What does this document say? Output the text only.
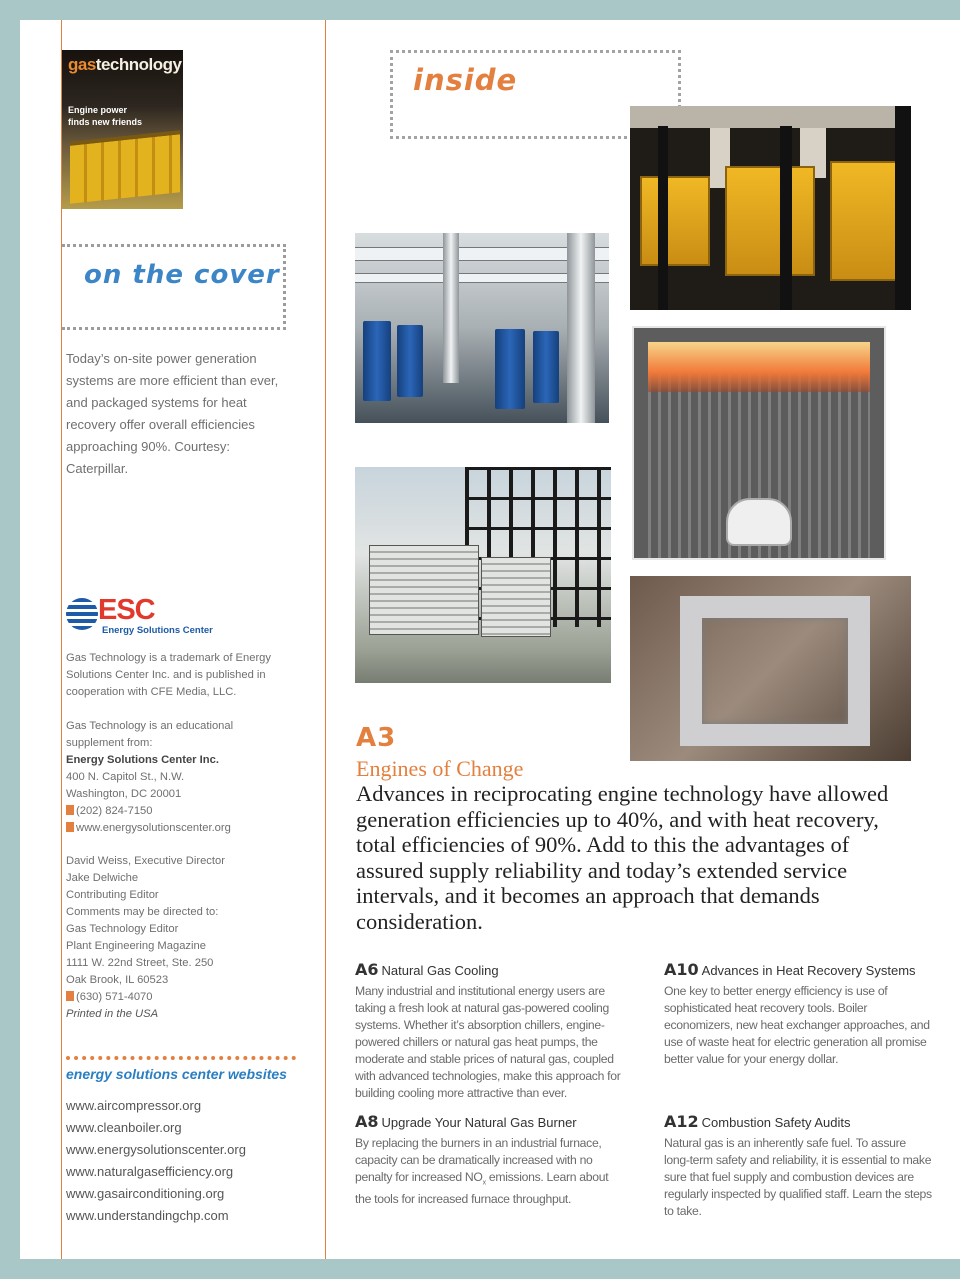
gastechnology
Engine power
finds new friends
on the cover

Today’s on-site power generation systems are more efficient than ever, and packaged systems for heat recovery offer overall efficiencies approaching 90%. Courtesy: Caterpillar.

ESC
Energy Solutions Center

Gas Technology is a trademark of Energy Solutions Center Inc. and is published in cooperation with CFE Media, LLC.

Gas Technology is an educational supplement from:
Energy Solutions Center Inc.
400 N. Capitol St., N.W.
Washington, DC 20001
(202) 824-7150
www.energysolutionscenter.org
David Weiss, Executive Director
Jake Delwiche
Contributing Editor
Comments may be directed to:
Gas Technology Editor
Plant Engineering Magazine
1111 W. 22nd Street, Ste. 250
Oak Brook, IL 60523
(630) 571-4070
Printed in the USA
energy solutions center websites
www.aircompressor.org
www.cleanboiler.org
www.energysolutionscenter.org
www.naturalgasefficiency.org
www.gasairconditioning.org
www.understandingchp.com
inside
A3
Engines of Change

Advances in reciprocating engine technology have allowed generation efficiencies up to 40%, and with heat recovery, total efficiencies of 90%. Add to this the advantages of assured supply reliability and today’s extended service intervals, and it becomes an approach that demands consideration.

A6 Natural Gas Cooling

Many industrial and institutional energy users are taking a fresh look at natural gas-powered cooling systems. Whether it’s absorption chillers, engine-powered chillers or natural gas heat pumps, the moderate and stable prices of natural gas, coupled with advanced technologies, make this approach for building cooling more attractive than ever.

A8 Upgrade Your Natural Gas Burner

By replacing the burners in an industrial furnace, capacity can be dramatically increased with no penalty for increased $NO_x$ emissions. Learn about the tools for increased furnace throughput.

A10 Advances in Heat Recovery Systems

One key to better energy efficiency is use of sophisticated heat recovery tools. Boiler economizers, new heat exchanger approaches, and use of waste heat for electric generation all promise better value for your energy dollar.

A12 Combustion Safety Audits

Natural gas is an inherently safe fuel. To assure long-term safety and reliability, it is essential to make sure that fuel supply and combustion devices are regularly inspected by qualified staff. Learn the steps to take.
